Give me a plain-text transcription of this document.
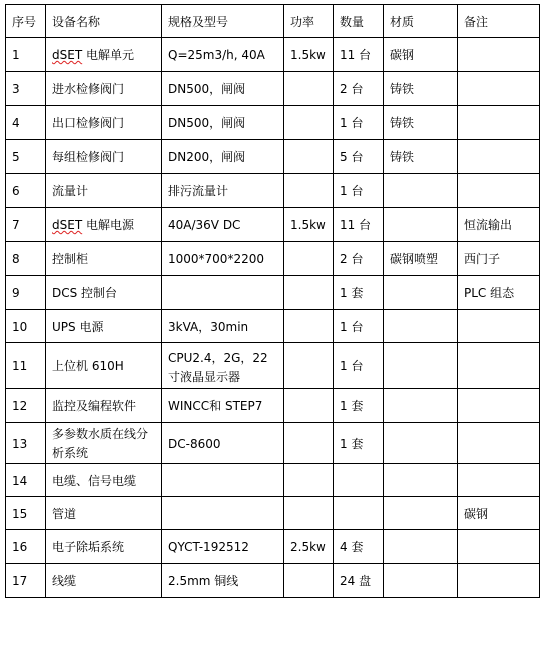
序号	设备名称	规格及型号	功率	数量	材质	备注
1	dSET 电解单元	Q=25m3/h, 40A	1.5kw	11 台	碳钢	
3	进水检修阀门	DN500，闸阀		2 台	铸铁	
4	出口检修阀门	DN500，闸阀		1 台	铸铁	
5	每组检修阀门	DN200，闸阀		5 台	铸铁	
6	流量计	排污流量计		1 台		
7	dSET 电解电源	40A/36V DC	1.5kw	11 台		恒流输出
8	控制柜	1000*700*2200		2 台	碳钢喷塑	西门子
9	DCS 控制台			1 套		PLC 组态
10	UPS 电源	3kVA，30min		1 台		
11	上位机 610H	CPU2.4，2G，22 寸液晶显示器		1 台		
12	监控及编程软件	WINCC和 STEP7		1 套		
13	多参数水质在线分析系统	DC-8600		1 套		
14	电缆、信号电缆					
15	管道					碳钢
16	电子除垢系统	QYCT-192512	2.5kw	4 套		
17	线缆	2.5mm 铜线		24 盘		
